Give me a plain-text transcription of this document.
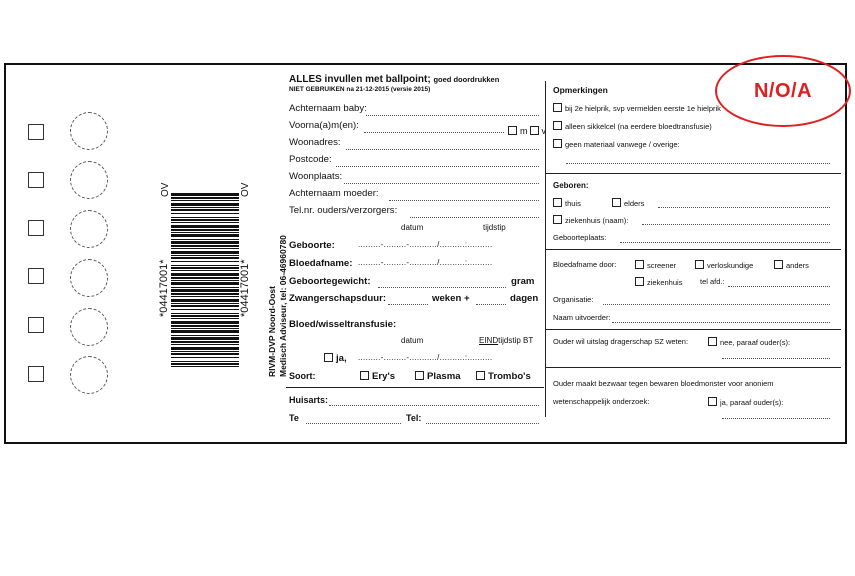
*04417001*	*04417001*
OV	OV
RIVM-DVP Noord-Oost Medisch Adviseur, tel: 06-46960780
ALLES invullen met ballpoint; goed doordrukken
NIET GEBRUIKEN na 21-12-2015 (versie 2015)
Achternaam baby:
Voorna(a)m(en):	m v
Woonadres:
Postcode:
Woonplaats:
Achternaam moeder:
Tel.nr. ouders/verzorgers:
datum	tijdstip
Geboorte:	.........-.........-.........../..........:..........
Bloedafname: .........-.........-.........../..........:..........
Geboortegewicht:	gram
Zwangerschapsduur:	weken +	dagen
Bloed/wisseltransfusie:
datum	EINDtijdstip BT
ja, .........-.........-.........../..........:..........
Soort:	Ery's	Plasma	Trombo's
Huisarts:
Te	Tel:
Opmerkingen
bij 2e hielprik, svp vermelden eerste 1e hielprik
alleen sikkelcel (na eerdere bloedtransfusie)
geen materiaal vanwege / overige:
Geboren:
thuis	elders
ziekenhuis (naam):
Geboorteplaats:
Bloedafname door:	screener	verloskundige	anders
ziekenhuis tel afd.:
Organisatie:
Naam uitvoerder:
Ouder wil uitslag dragerschap SZ weten:	nee, paraaf ouder(s):
Ouder maakt bezwaar tegen bewaren bloedmonster voor anoniem
wetenschappelijk onderzoek:	ja, paraaf ouder(s):
N/O/A
